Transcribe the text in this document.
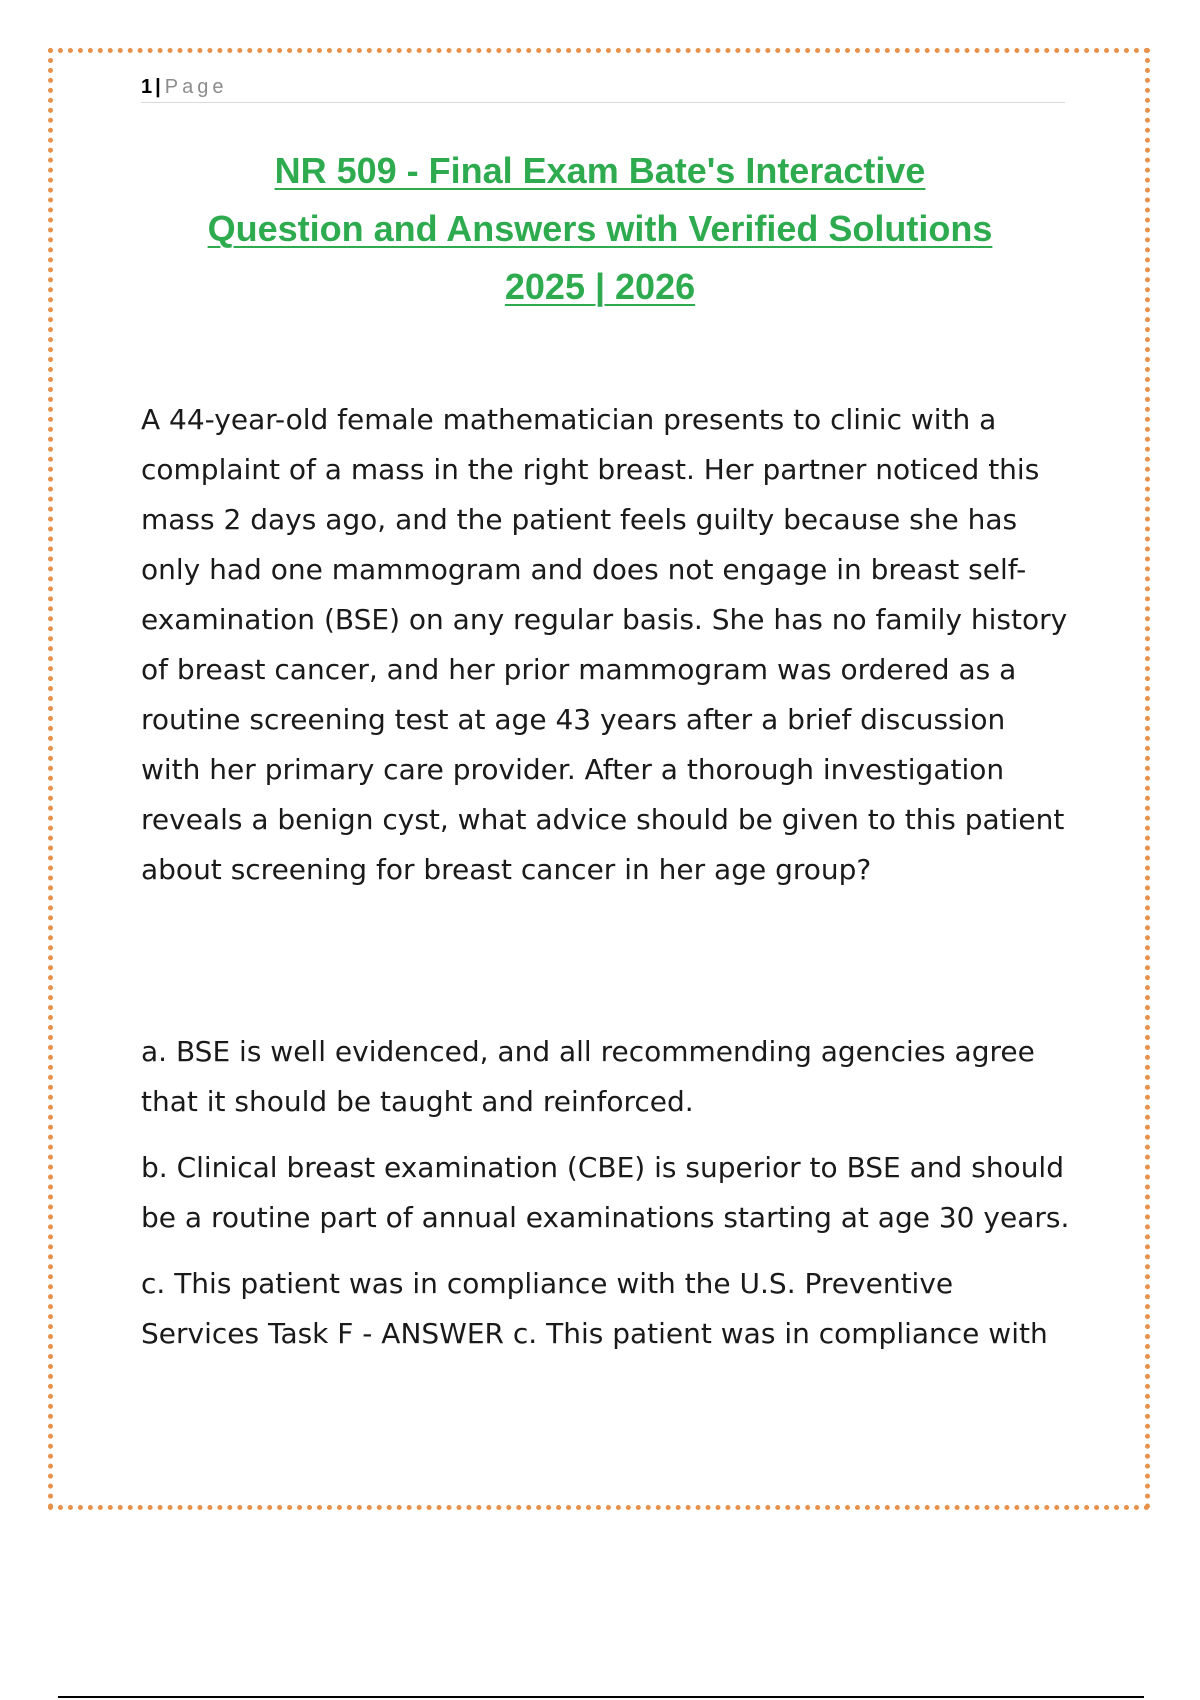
1 | Page
NR 509 - Final Exam Bate's Interactive
Question and Answers with Verified Solutions
2025 | 2026

A 44-year-old female mathematician presents to clinic with a complaint of a mass in the right breast. Her partner noticed this mass 2 days ago, and the patient feels guilty because she has only had one mammogram and does not engage in breast self-examination (BSE) on any regular basis. She has no family history of breast cancer, and her prior mammogram was ordered as a routine screening test at age 43 years after a brief discussion with her primary care provider. After a thorough investigation reveals a benign cyst, what advice should be given to this patient about screening for breast cancer in her age group?

a. BSE is well evidenced, and all recommending agencies agree that it should be taught and reinforced.
b. Clinical breast examination (CBE) is superior to BSE and should be a routine part of annual examinations starting at age 30 years.
c. This patient was in compliance with the U.S. Preventive Services Task F - ANSWER c. This patient was in compliance with
